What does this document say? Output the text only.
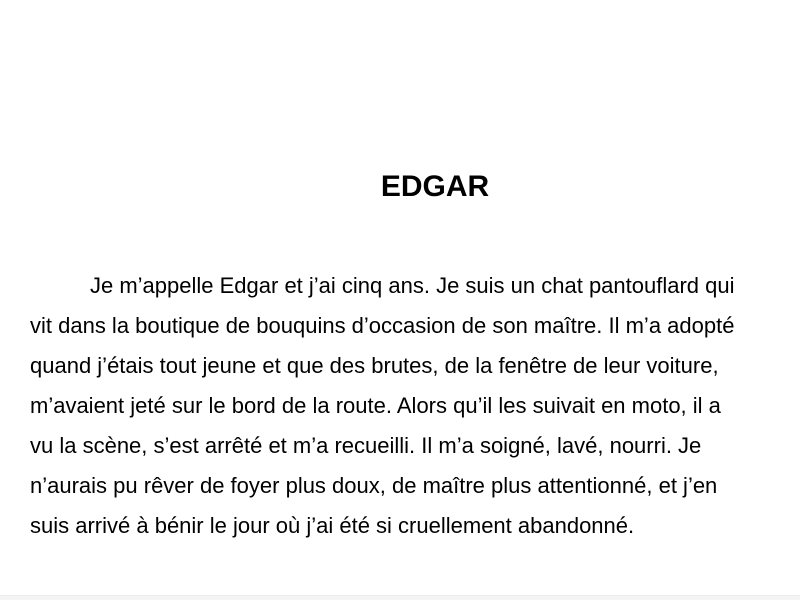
EDGAR
Je m’appelle Edgar et j’ai cinq ans. Je suis un chat pantouflard qui
vit dans la boutique de bouquins d’occasion de son maître. Il m’a adopté
quand j’étais tout jeune et que des brutes, de la fenêtre de leur voiture,
m’avaient jeté sur le bord de la route. Alors qu’il les suivait en moto, il a
vu la scène, s’est arrêté et m’a recueilli. Il m’a soigné, lavé, nourri. Je
n’aurais pu rêver de foyer plus doux, de maître plus attentionné, et j’en
suis arrivé à bénir le jour où j’ai été si cruellement abandonné.
